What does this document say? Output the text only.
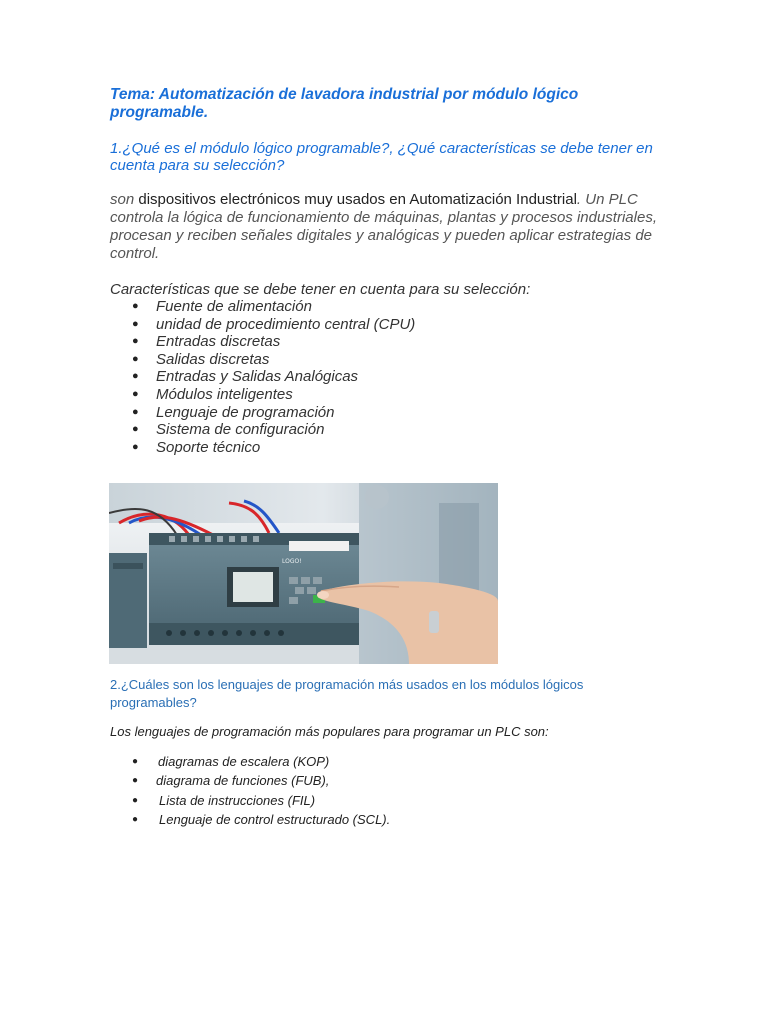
Tema: Automatización de lavadora industrial por módulo lógico programable.
1.¿Qué es el módulo lógico programable?, ¿Qué características se debe tener en cuenta para su selección?
son dispositivos electrónicos muy usados en Automatización Industrial. Un PLC controla la lógica de funcionamiento de máquinas, plantas y procesos industriales, procesan y reciben señales digitales y analógicas y pueden aplicar estrategias de control.
Características que se debe tener en cuenta para su selección:
● Fuente de alimentación
● unidad de procedimiento central (CPU)
● Entradas discretas
● Salidas discretas
● Entradas y Salidas Analógicas
● Módulos inteligentes
● Lenguaje de programación
● Sistema de configuración
● Soporte técnico
LOGO!
2.¿Cuáles son los lenguajes de programación más usados en los módulos lógicos programables?
Los lenguajes de programación más populares para programar un PLC son:
● diagramas de escalera (KOP)
● diagrama de funciones (FUB),
● Lista de instrucciones (FIL)
● Lenguaje de control estructurado (SCL).
